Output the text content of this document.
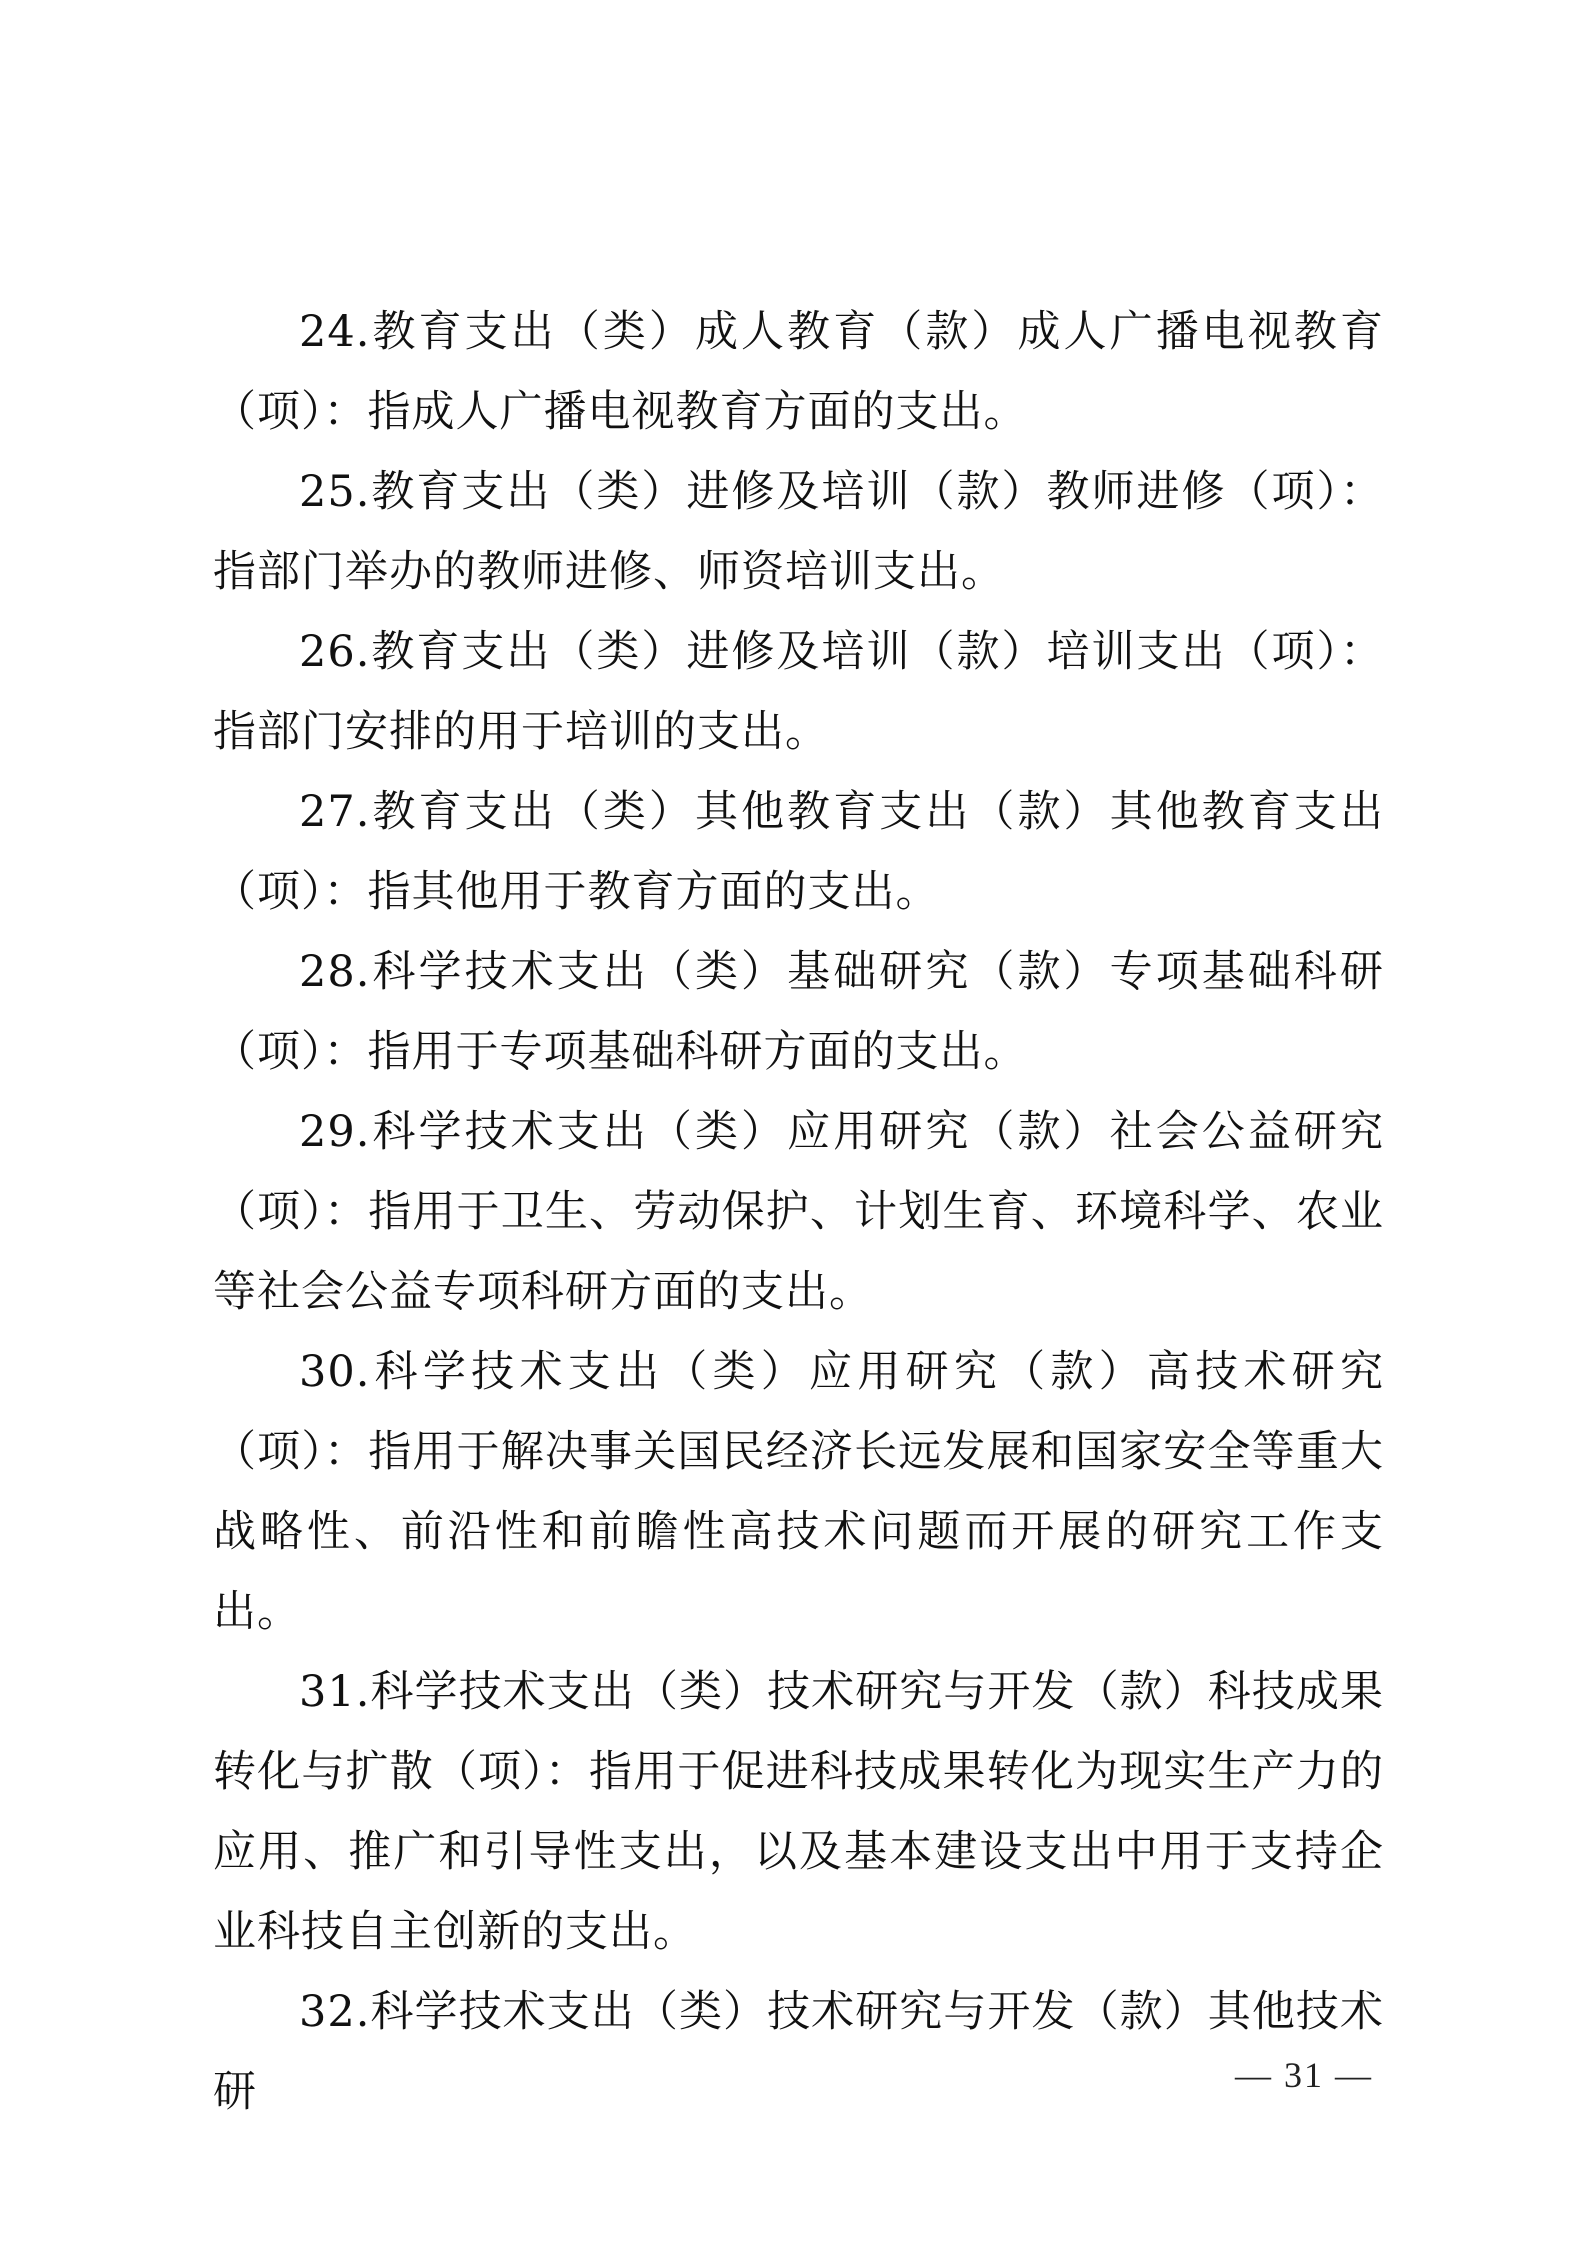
24.教育支出（类）成人教育（款）成人广播电视教育（项）：指成人广播电视教育方面的支出。

25.教育支出（类）进修及培训（款）教师进修（项）：指部门举办的教师进修、师资培训支出。

26.教育支出（类）进修及培训（款）培训支出（项）：指部门安排的用于培训的支出。

27.教育支出（类）其他教育支出（款）其他教育支出（项）：指其他用于教育方面的支出。

28.科学技术支出（类）基础研究（款）专项基础科研（项）：指用于专项基础科研方面的支出。

29.科学技术支出（类）应用研究（款）社会公益研究（项）：指用于卫生、劳动保护、计划生育、环境科学、农业等社会公益专项科研方面的支出。

30.科学技术支出（类）应用研究（款）高技术研究（项）：指用于解决事关国民经济长远发展和国家安全等重大战略性、前沿性和前瞻性高技术问题而开展的研究工作支出。

31.科学技术支出（类）技术研究与开发（款）科技成果转化与扩散（项）：指用于促进科技成果转化为现实生产力的应用、推广和引导性支出，以及基本建设支出中用于支持企业科技自主创新的支出。

32.科学技术支出（类）技术研究与开发（款）其他技术研	— 31 —
